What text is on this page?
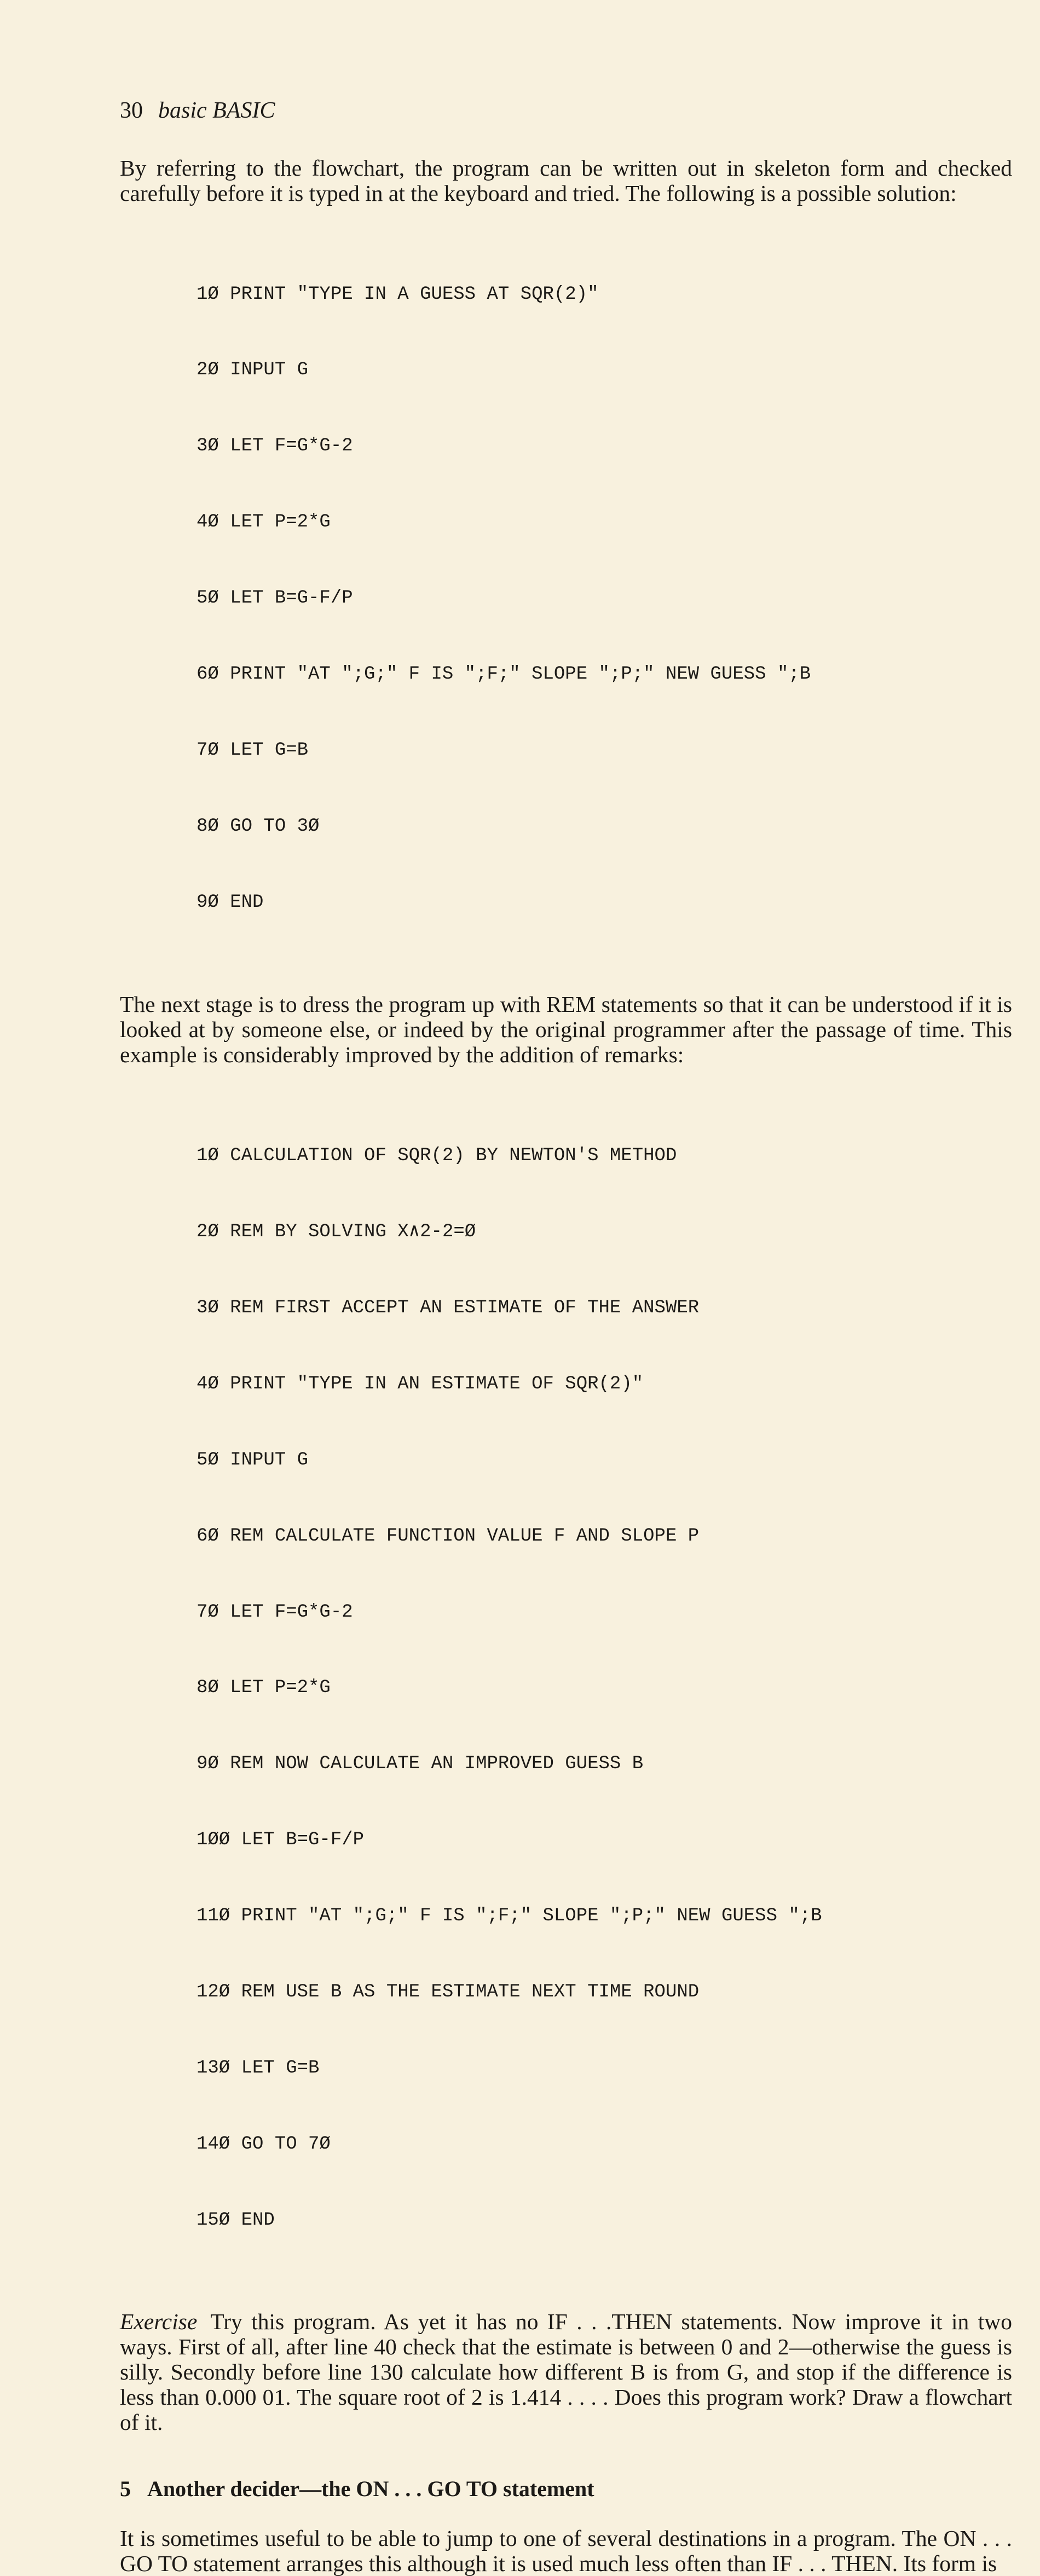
30 basic BASIC

By referring to the flowchart, the program can be written out in skeleton form and checked carefully before it is typed in at the keyboard and tried. The following is a possible solution:

1Ø PRINT "TYPE IN A GUESS AT SQR(2)"

2Ø INPUT G

3Ø LET F=G*G-2

4Ø LET P=2*G

5Ø LET B=G-F/P

6Ø PRINT "AT ";G;" F IS ";F;" SLOPE ";P;" NEW GUESS ";B

7Ø LET G=B

8Ø GO TO 3Ø

9Ø END

The next stage is to dress the program up with REM statements so that it can be understood if it is looked at by someone else, or indeed by the original programmer after the passage of time. This example is considerably improved by the addition of remarks:

1Ø CALCULATION OF SQR(2) BY NEWTON'S METHOD

2Ø REM BY SOLVING X∧2-2=Ø

3Ø REM FIRST ACCEPT AN ESTIMATE OF THE ANSWER

4Ø PRINT "TYPE IN AN ESTIMATE OF SQR(2)"

5Ø INPUT G

6Ø REM CALCULATE FUNCTION VALUE F AND SLOPE P

7Ø LET F=G*G-2

8Ø LET P=2*G

9Ø REM NOW CALCULATE AN IMPROVED GUESS B

1ØØ LET B=G-F/P

11Ø PRINT "AT ";G;" F IS ";F;" SLOPE ";P;" NEW GUESS ";B

12Ø REM USE B AS THE ESTIMATE NEXT TIME ROUND

13Ø LET G=B

14Ø GO TO 7Ø

15Ø END

Exercise Try this program. As yet it has no IF . . .THEN statements. Now improve it in two ways. First of all, after line 40 check that the estimate is between 0 and 2—otherwise the guess is silly. Secondly before line 130 calculate how different B is from G, and stop if the difference is less than 0.000 01. The square root of 2 is 1.414 . . . . Does this program work? Draw a flowchart of it.

5 Another decider—the ON . . . GO TO statement

It is sometimes useful to be able to jump to one of several destinations in a program. The ON . . . GO TO statement arranges this although it is used much less often than IF . . . THEN. Its form is
